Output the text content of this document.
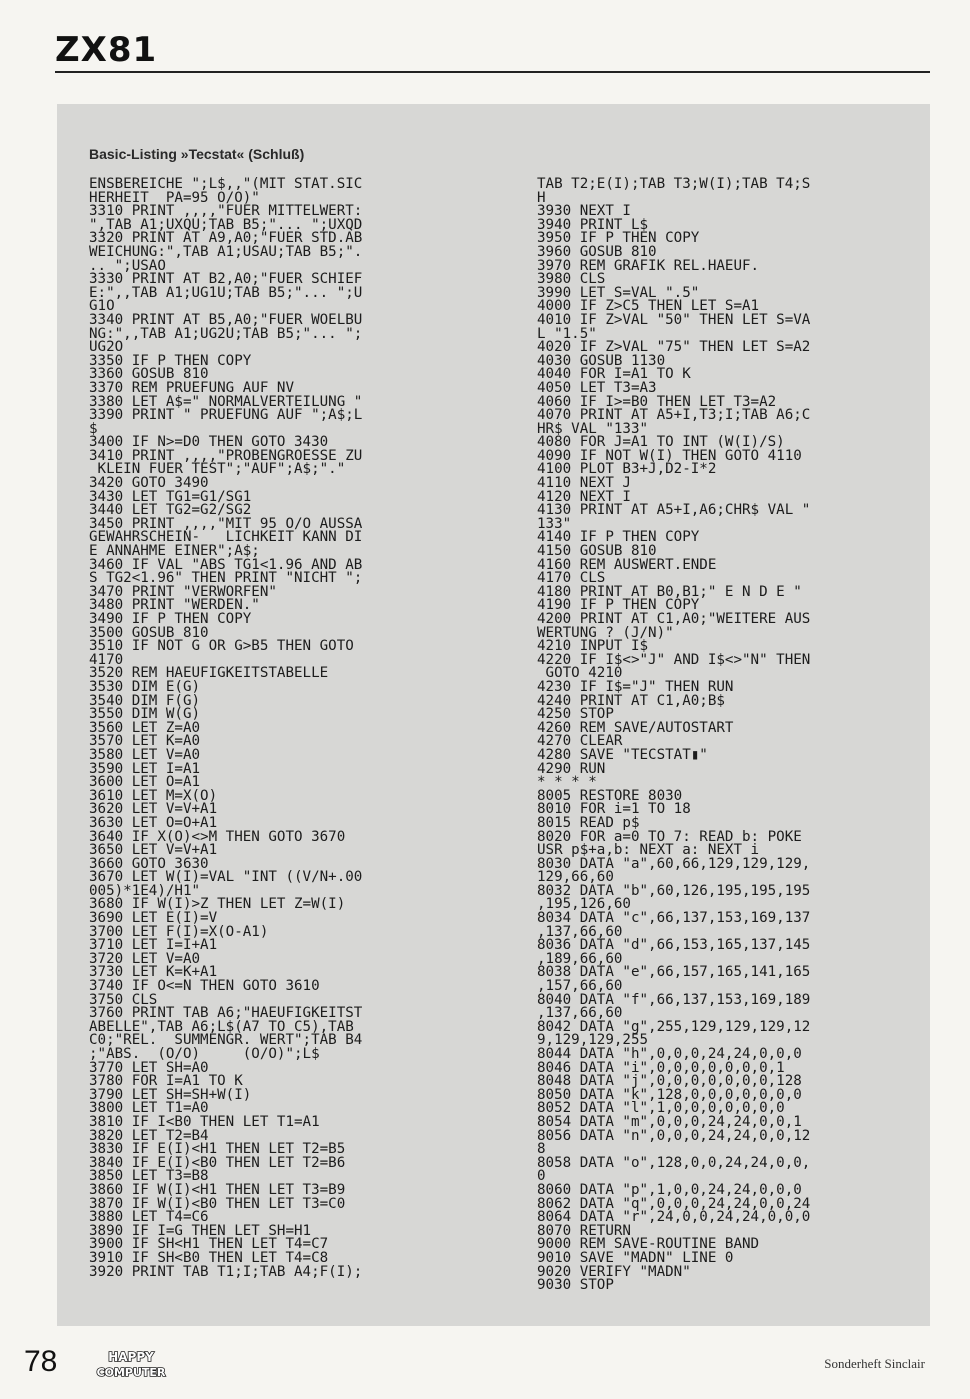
ZX81
Basic-Listing »Tecstat« (Schluß)
ENSBEREICHE ";L$,,"(MIT STAT.SIC
HERHEIT  PA=95 O/O)"
3310 PRINT ,,,,"FUER MITTELWERT:
",TAB A1;UXQU;TAB B5;"... ";UXQD
3320 PRINT AT A9,A0;"FUER STD.AB
WEICHUNG:",TAB A1;USAU;TAB B5;".
.. ";USAO
3330 PRINT AT B2,A0;"FUER SCHIEF
E:",,TAB A1;UG1U;TAB B5;"... ";U
G1O
3340 PRINT AT B5,A0;"FUER WOELBU
NG:",,TAB A1;UG2U;TAB B5;"... ";
UG2O
3350 IF P THEN COPY
3360 GOSUB 810
3370 REM PRUEFUNG AUF NV
3380 LET A$=" NORMALVERTEILUNG "
3390 PRINT " PRUEFUNG AUF ";A$;L
$
3400 IF N>=D0 THEN GOTO 3430
3410 PRINT ,,,,"PROBENGROESSE ZU
KLEIN FUER TEST";"AUF";A$;"."
3420 GOTO 3490
3430 LET TG1=G1/SG1
3440 LET TG2=G2/SG2
3450 PRINT ,,,,"MIT 95 O/O AUSSA
GEWAHRSCHEIN-   LICHKEIT KANN DI
E ANNAHME EINER";A$;
3460 IF VAL "ABS TG1<1.96 AND AB
S TG2<1.96" THEN PRINT "NICHT ";
3470 PRINT "VERWORFEN"
3480 PRINT "WERDEN."
3490 IF P THEN COPY
3500 GOSUB 810
3510 IF NOT G OR G>B5 THEN GOTO
4170
3520 REM HAEUFIGKEITSTABELLE
3530 DIM E(G)
3540 DIM F(G)
3550 DIM W(G)
3560 LET Z=A0
3570 LET K=A0
3580 LET V=A0
3590 LET I=A1
3600 LET O=A1
3610 LET M=X(O)
3620 LET V=V+A1
3630 LET O=O+A1
3640 IF X(O)<>M THEN GOTO 3670
3650 LET V=V+A1
3660 GOTO 3630
3670 LET W(I)=VAL "INT ((V/N+.00
005)*1E4)/H1"
3680 IF W(I)>Z THEN LET Z=W(I)
3690 LET E(I)=V
3700 LET F(I)=X(O-A1)
3710 LET I=I+A1
3720 LET V=A0
3730 LET K=K+A1
3740 IF O<=N THEN GOTO 3610
3750 CLS
3760 PRINT TAB A6;"HAEUFIGKEITST
ABELLE",TAB A6;L$(A7 TO C5),TAB
C0;"REL.  SUMMENGR. WERT";TAB B4
;"ABS.  (O/O)     (O/O)";L$
3770 LET SH=A0
3780 FOR I=A1 TO K
3790 LET SH=SH+W(I)
3800 LET T1=A0
3810 IF I<B0 THEN LET T1=A1
3820 LET T2=B4
3830 IF E(I)<H1 THEN LET T2=B5
3840 IF E(I)<B0 THEN LET T2=B6
3850 LET T3=B8
3860 IF W(I)<H1 THEN LET T3=B9
3870 IF W(I)<B0 THEN LET T3=C0
3880 LET T4=C6
3890 IF I=G THEN LET SH=H1
3900 IF SH<H1 THEN LET T4=C7
3910 IF SH<B0 THEN LET T4=C8
3920 PRINT TAB T1;I;TAB A4;F(I);
TAB T2;E(I);TAB T3;W(I);TAB T4;S
H
3930 NEXT I
3940 PRINT L$
3950 IF P THEN COPY
3960 GOSUB 810
3970 REM GRAFIK REL.HAEUF.
3980 CLS
3990 LET S=VAL ".5"
4000 IF Z>C5 THEN LET S=A1
4010 IF Z>VAL "50" THEN LET S=VA
L "1.5"
4020 IF Z>VAL "75" THEN LET S=A2
4030 GOSUB 1130
4040 FOR I=A1 TO K
4050 LET T3=A3
4060 IF I>=B0 THEN LET T3=A2
4070 PRINT AT A5+I,T3;I;TAB A6;C
HR$ VAL "133"
4080 FOR J=A1 TO INT (W(I)/S)
4090 IF NOT W(I) THEN GOTO 4110
4100 PLOT B3+J,D2-I*2
4110 NEXT J
4120 NEXT I
4130 PRINT AT A5+I,A6;CHR$ VAL "
133"
4140 IF P THEN COPY
4150 GOSUB 810
4160 REM AUSWERT.ENDE
4170 CLS
4180 PRINT AT B0,B1;" E N D E "
4190 IF P THEN COPY
4200 PRINT AT C1,A0;"WEITERE AUS
WERTUNG ? (J/N)"
4210 INPUT I$
4220 IF I$<>"J" AND I$<>"N" THEN
GOTO 4210
4230 IF I$="J" THEN RUN
4240 PRINT AT C1,A0;B$
4250 STOP
4260 REM SAVE/AUTOSTART
4270 CLEAR
4280 SAVE "TECSTAT▮"
4290 RUN
* * * *
8005 RESTORE 8030
8010 FOR i=1 TO 18
8015 READ p$
8020 FOR a=0 TO 7: READ b: POKE
USR p$+a,b: NEXT a: NEXT i
8030 DATA "a",60,66,129,129,129,
129,66,60
8032 DATA "b",60,126,195,195,195
,195,126,60
8034 DATA "c",66,137,153,169,137
,137,66,60
8036 DATA "d",66,153,165,137,145
,189,66,60
8038 DATA "e",66,157,165,141,165
,157,66,60
8040 DATA "f",66,137,153,169,189
,137,66,60
8042 DATA "g",255,129,129,129,12
9,129,129,255
8044 DATA "h",0,0,0,24,24,0,0,0
8046 DATA "i",0,0,0,0,0,0,0,1
8048 DATA "j",0,0,0,0,0,0,0,128
8050 DATA "k",128,0,0,0,0,0,0,0
8052 DATA "l",1,0,0,0,0,0,0,0
8054 DATA "m",0,0,0,24,24,0,0,1
8056 DATA "n",0,0,0,24,24,0,0,12
8
8058 DATA "o",128,0,0,24,24,0,0,
0
8060 DATA "p",1,0,0,24,24,0,0,0
8062 DATA "q",0,0,0,24,24,0,0,24
8064 DATA "r",24,0,0,24,24,0,0,0
8070 RETURN
9000 REM SAVE-ROUTINE BAND
9010 SAVE "MADN" LINE 0
9020 VERIFY "MADN"
9030 STOP
78	HAPPY
COMPUTER
Sonderheft Sinclair
